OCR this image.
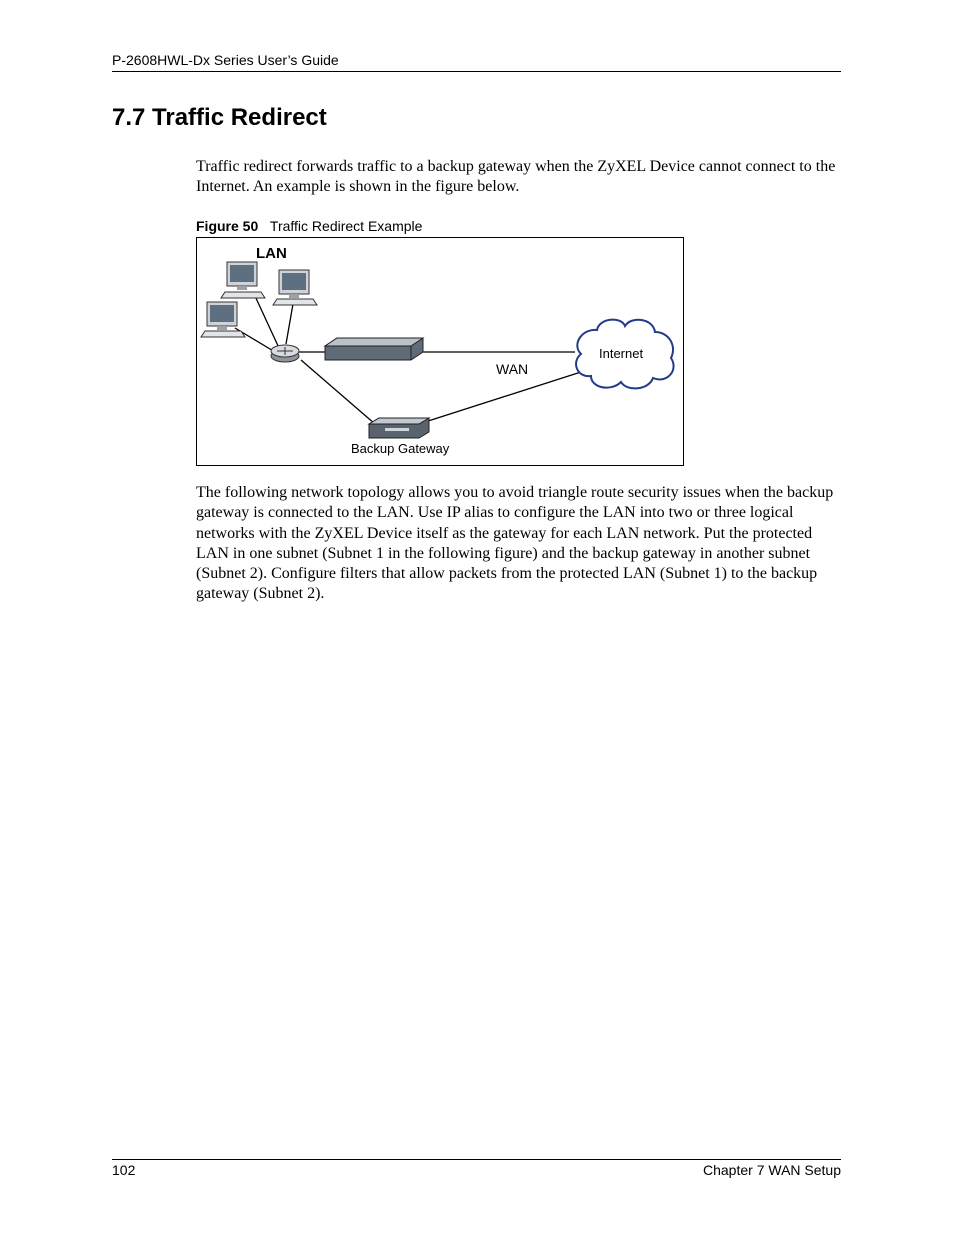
P-2608HWL-Dx Series User’s Guide
7.7 Traffic Redirect

Traffic redirect forwards traffic to a backup gateway when the ZyXEL Device cannot connect to the Internet. An example is shown in the figure below.

Figure 50 Traffic Redirect Example
LAN
WAN
Internet
Backup Gateway

The following network topology allows you to avoid triangle route security issues when the backup gateway is connected to the LAN. Use IP alias to configure the LAN into two or three logical networks with the ZyXEL Device itself as the gateway for each LAN network. Put the protected LAN in one subnet (Subnet 1 in the following figure) and the backup gateway in another subnet (Subnet 2). Configure filters that allow packets from the protected LAN (Subnet 1) to the backup gateway (Subnet 2).

102	Chapter 7 WAN Setup
